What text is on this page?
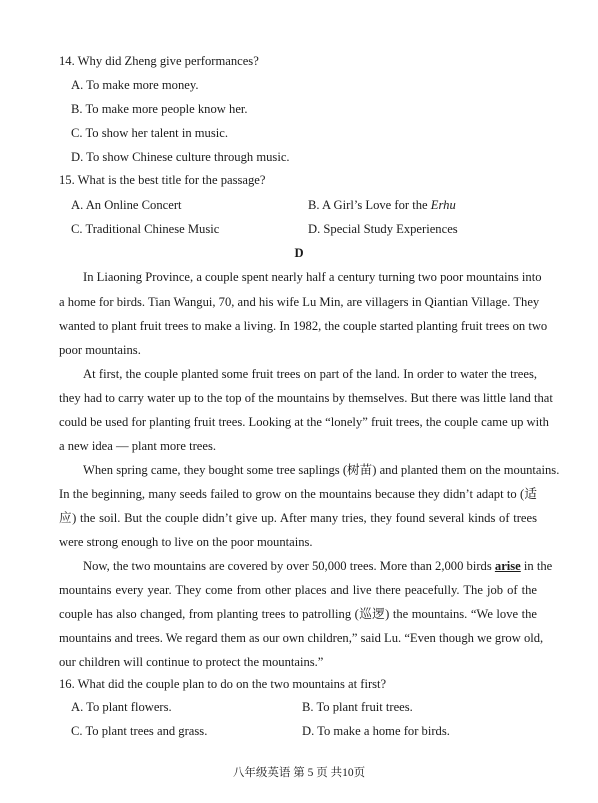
14. Why did Zheng give performances?
A. To make more money.
B. To make more people know her.
C. To show her talent in music.
D. To show Chinese culture through music.
15. What is the best title for the passage?
A. An Online Concert	B. A Girl’s Love for the Erhu
C. Traditional Chinese Music	D. Special Study Experiences
D
In Liaoning Province, a couple spent nearly half a century turning two poor mountains into
a home for birds. Tian Wangui, 70, and his wife Lu Min, are villagers in Qiantian Village. They
wanted to plant fruit trees to make a living. In 1982, the couple started planting fruit trees on two
poor mountains.
At first, the couple planted some fruit trees on part of the land. In order to water the trees,
they had to carry water up to the top of the mountains by themselves. But there was little land that
could be used for planting fruit trees. Looking at the “lonely” fruit trees, the couple came up with
a new idea — plant more trees.
When spring came, they bought some tree saplings (树苗) and planted them on the mountains.
In the beginning, many seeds failed to grow on the mountains because they didn’t adapt to (适
应) the soil. But the couple didn’t give up. After many tries, they found several kinds of trees
were strong enough to live on the poor mountains.
Now, the two mountains are covered by over 50,000 trees. More than 2,000 birds arise in the
mountains every year. They come from other places and live there peacefully. The job of the
couple has also changed, from planting trees to patrolling (巡逻) the mountains. “We love the
mountains and trees. We regard them as our own children,” said Lu. “Even though we grow old,
our children will continue to protect the mountains.”
16. What did the couple plan to do on the two mountains at first?
A. To plant flowers.	B. To plant fruit trees.
C. To plant trees and grass.	D. To make a home for birds.
八年级英语 第 5 页 共10页
